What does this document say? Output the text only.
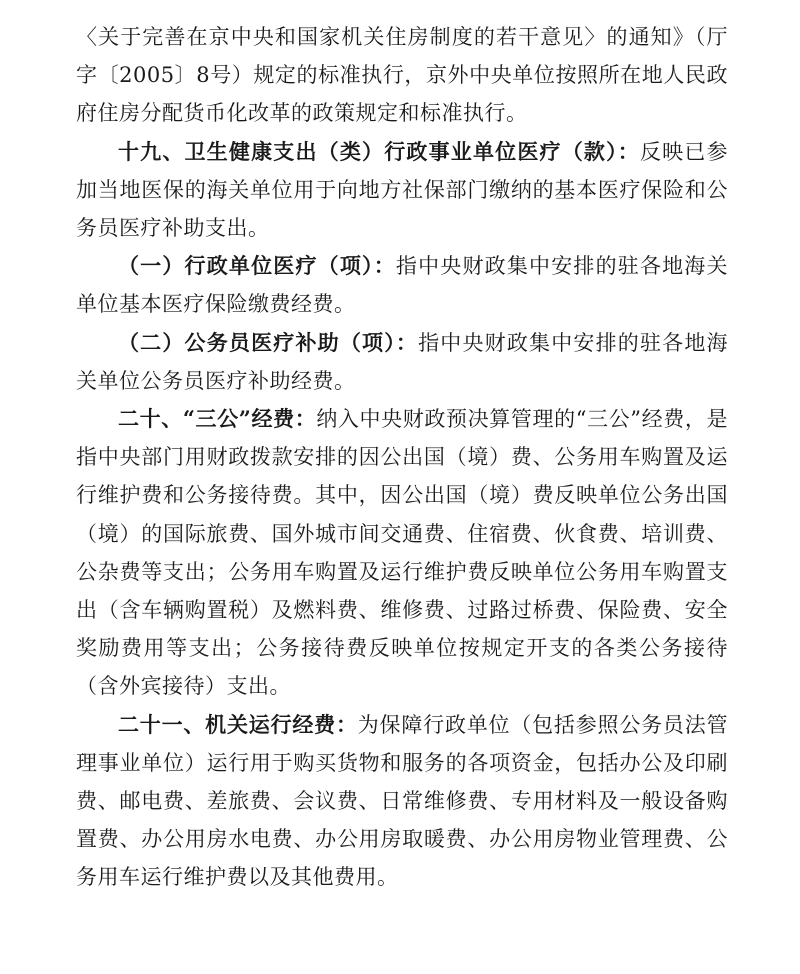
〈关于完善在京中央和国家机关住房制度的若干意见〉的通知》（厅字〔2005〕8号）规定的标准执行，京外中央单位按照所在地人民政府住房分配货币化改革的政策规定和标准执行。

十九、卫生健康支出（类）行政事业单位医疗（款）：反映已参加当地医保的海关单位用于向地方社保部门缴纳的基本医疗保险和公务员医疗补助支出。

（一）行政单位医疗（项）：指中央财政集中安排的驻各地海关单位基本医疗保险缴费经费。

（二）公务员医疗补助（项）：指中央财政集中安排的驻各地海关单位公务员医疗补助经费。

二十、“三公”经费：纳入中央财政预决算管理的“三公”经费，是指中央部门用财政拨款安排的因公出国（境）费、公务用车购置及运行维护费和公务接待费。其中，因公出国（境）费反映单位公务出国（境）的国际旅费、国外城市间交通费、住宿费、伙食费、培训费、公杂费等支出；公务用车购置及运行维护费反映单位公务用车购置支出（含车辆购置税）及燃料费、维修费、过路过桥费、保险费、安全奖励费用等支出；公务接待费反映单位按规定开支的各类公务接待（含外宾接待）支出。

二十一、机关运行经费：为保障行政单位（包括参照公务员法管理事业单位）运行用于购买货物和服务的各项资金，包括办公及印刷费、邮电费、差旅费、会议费、日常维修费、专用材料及一般设备购置费、办公用房水电费、办公用房取暖费、办公用房物业管理费、公务用车运行维护费以及其他费用。
